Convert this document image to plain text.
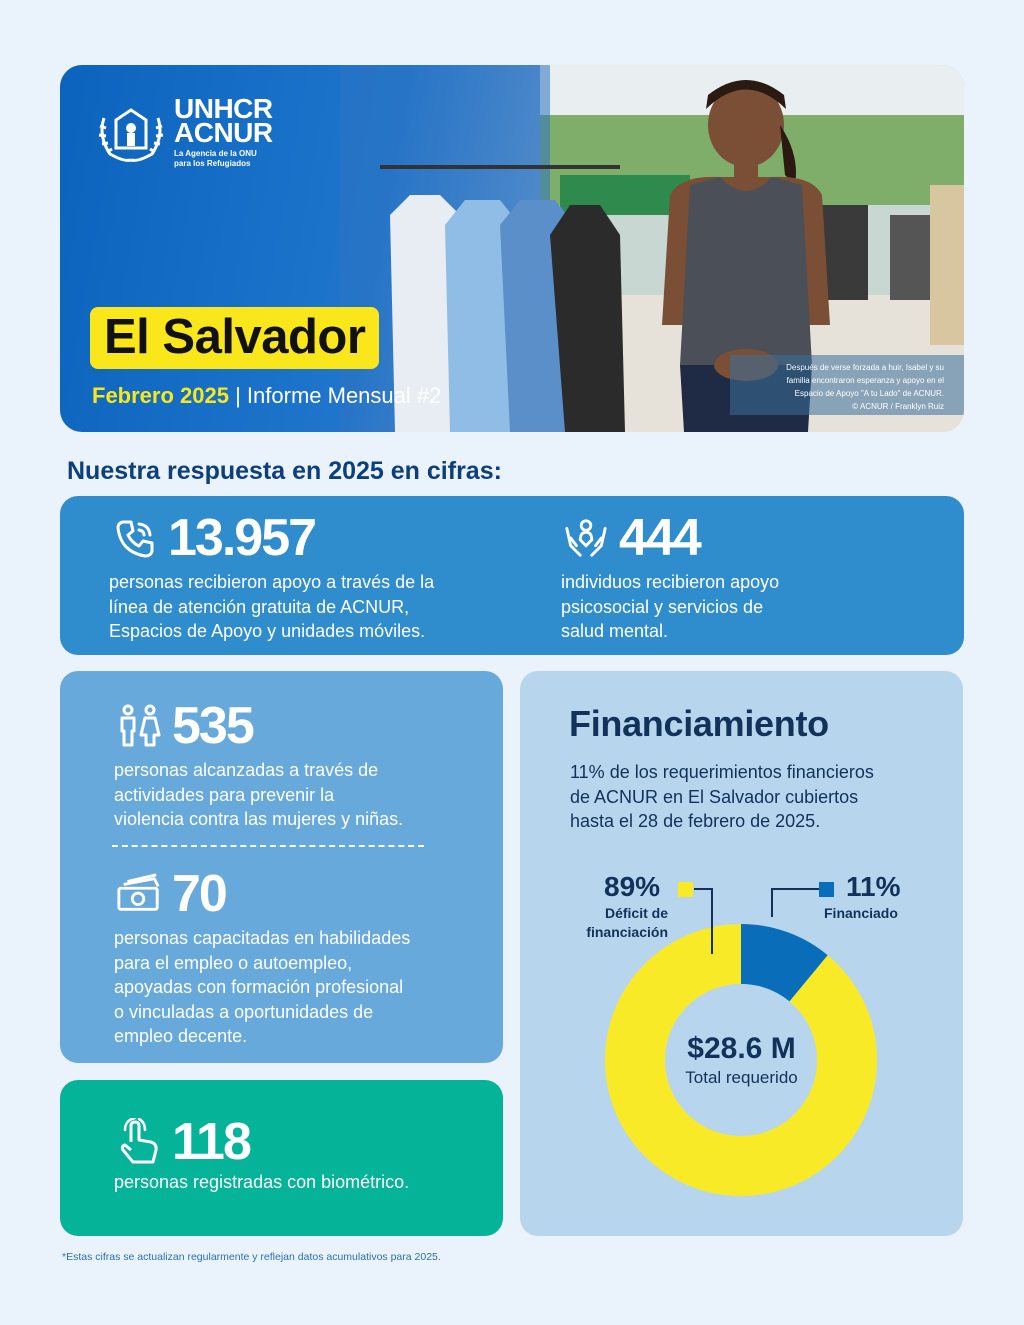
UNHCR
ACNUR
La Agencia de la ONU
para los Refugiados
El Salvador
Febrero 2025 | Informe Mensual #2
Después de verse forzada a huir, Isabel y su
familia encontraron esperanza y apoyo en el
Espacio de Apoyo "A tu Lado" de ACNUR.
© ACNUR / Franklyn Ruiz
Nuestra respuesta en 2025 en cifras:
13.957
personas recibieron apoyo a través de la
línea de atención gratuita de ACNUR,
Espacios de Apoyo y unidades móviles.
444
individuos recibieron apoyo
psicosocial y servicios de
salud mental.
535
personas alcanzadas a través de
actividades para prevenir la
violencia contra las mujeres y niñas.
70
personas capacitadas en habilidades
para el empleo o autoempleo,
apoyadas con formación profesional
o vinculadas a oportunidades de
empleo decente.
118
personas registradas con biométrico.
Financiamiento
11% de los requerimientos financieros
de ACNUR en El Salvador cubiertos
hasta el 28 de febrero de 2025.
$28.6 M
Total requerido
89%
Déficit de
financiación
11%
Financiado
*Estas cifras se actualizan regularmente y reflejan datos acumulativos para 2025.
